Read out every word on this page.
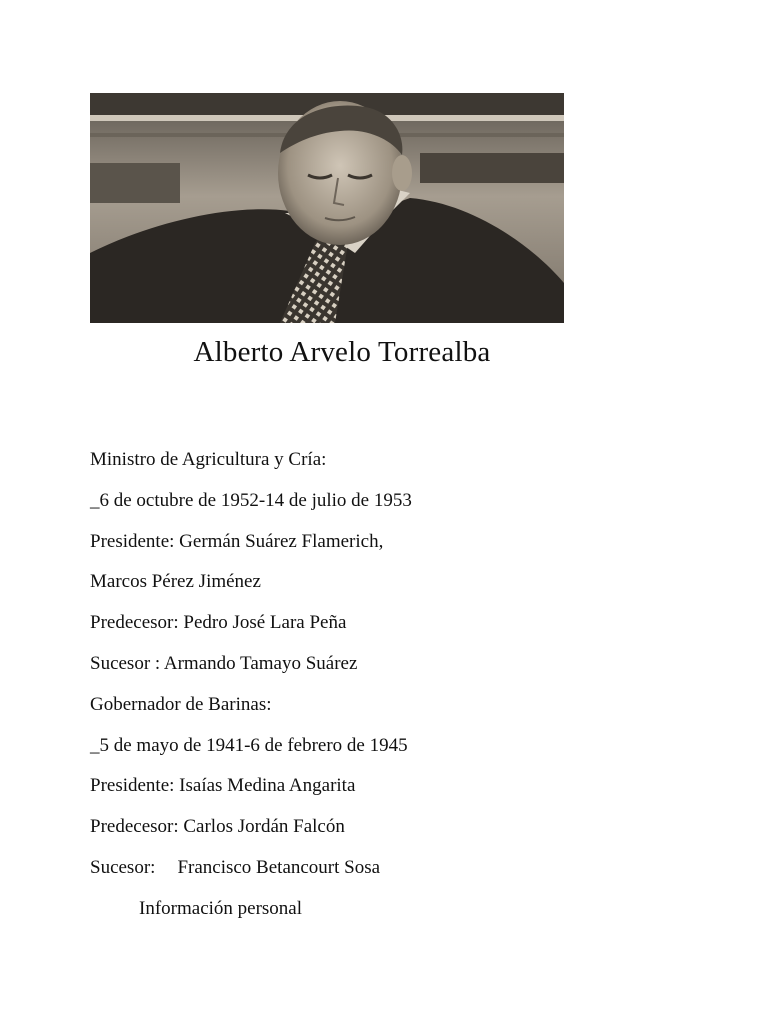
Alberto Arvelo Torrealba
Ministro de Agricultura y Cría:
_6 de octubre de 1952-14 de julio de 1953
Presidente: Germán Suárez Flamerich,
Marcos Pérez Jiménez
Predecesor: Pedro José Lara Peña
Sucesor : Armando Tamayo Suárez
Gobernador de Barinas:
_5 de mayo de 1941-6 de febrero de 1945
Presidente: Isaías Medina Angarita
Predecesor: Carlos Jordán Falcón
Sucesor: Francisco Betancourt Sosa
Información personal
